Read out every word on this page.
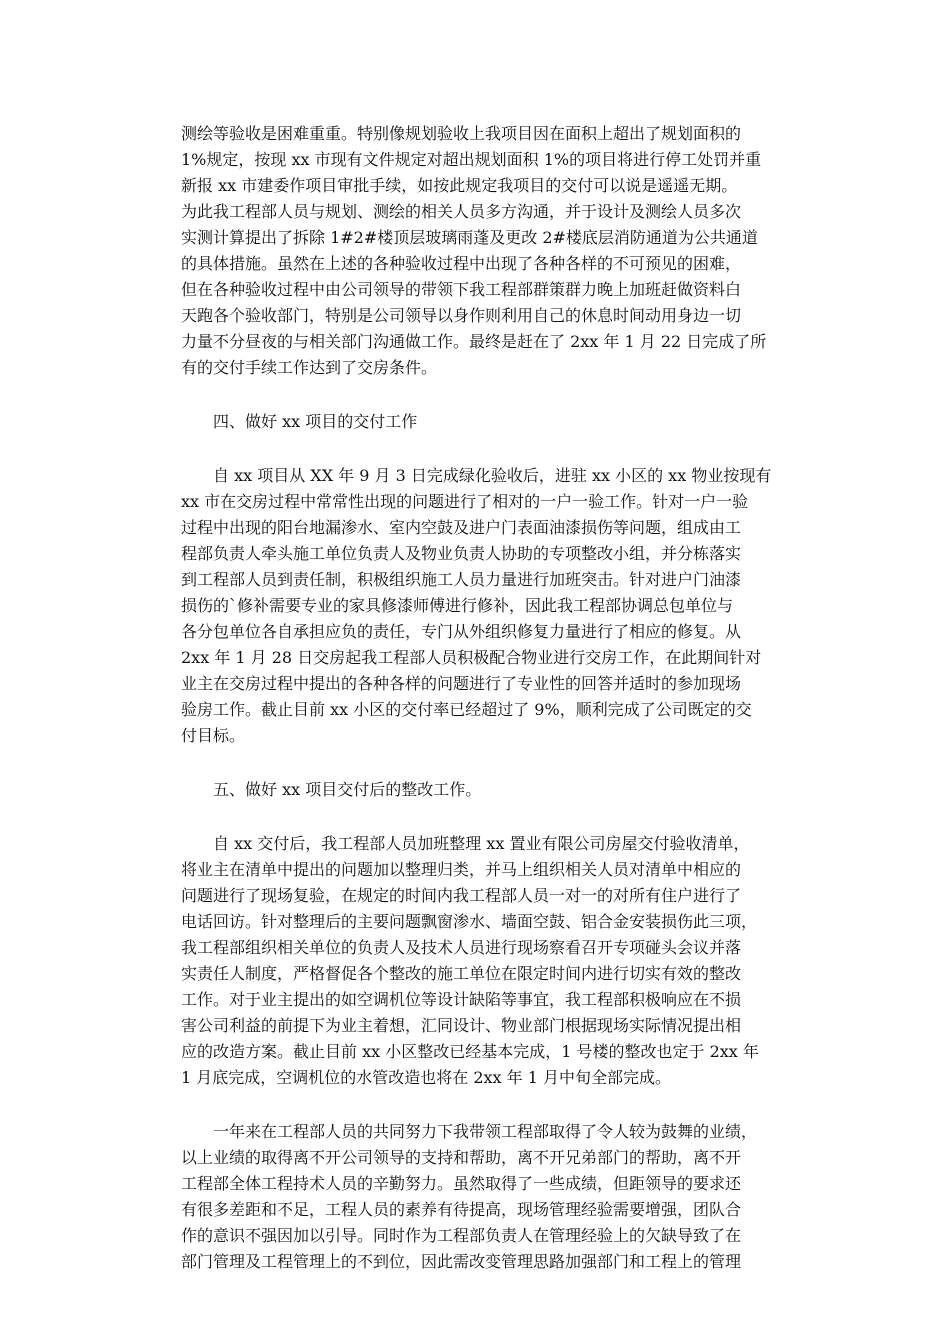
测绘等验收是困难重重。特别像规划验收上我项目因在面积上超出了规划面积的
1%规定，按现 xx 市现有文件规定对超出规划面积 1%的项目将进行停工处罚并重
新报 xx 市建委作项目审批手续，如按此规定我项目的交付可以说是遥遥无期。
为此我工程部人员与规划、测绘的相关人员多方沟通，并于设计及测绘人员多次
实测计算提出了拆除 1#2#楼顶层玻璃雨蓬及更改 2#楼底层消防通道为公共通道
的具体措施。虽然在上述的各种验收过程中出现了各种各样的不可预见的困难，
但在各种验收过程中由公司领导的带领下我工程部群策群力晚上加班赶做资料白
天跑各个验收部门，特别是公司领导以身作则利用自己的休息时间动用身边一切
力量不分昼夜的与相关部门沟通做工作。最终是赶在了 2xx 年 1 月 22 日完成了所
有的交付手续工作达到了交房条件。
四、做好 xx 项目的交付工作
自 xx 项目从 XX 年 9 月 3 日完成绿化验收后，进驻 xx 小区的 xx 物业按现有
xx 市在交房过程中常常性出现的问题进行了相对的一户一验工作。针对一户一验
过程中出现的阳台地漏渗水、室内空鼓及进户门表面油漆损伤等问题，组成由工
程部负责人牵头施工单位负责人及物业负责人协助的专项整改小组，并分栋落实
到工程部人员到责任制，积极组织施工人员力量进行加班突击。针对进户门油漆
损伤的`修补需要专业的家具修漆师傅进行修补，因此我工程部协调总包单位与
各分包单位各自承担应负的责任，专门从外组织修复力量进行了相应的修复。从
2xx 年 1 月 28 日交房起我工程部人员积极配合物业进行交房工作，在此期间针对
业主在交房过程中提出的各种各样的问题进行了专业性的回答并适时的参加现场
验房工作。截止目前 xx 小区的交付率已经超过了 9%，顺利完成了公司既定的交
付目标。
五、做好 xx 项目交付后的整改工作。
自 xx 交付后，我工程部人员加班整理 xx 置业有限公司房屋交付验收清单，
将业主在清单中提出的问题加以整理归类，并马上组织相关人员对清单中相应的
问题进行了现场复验，在规定的时间内我工程部人员一对一的对所有住户进行了
电话回访。针对整理后的主要问题飘窗渗水、墙面空鼓、铝合金安装损伤此三项，
我工程部组织相关单位的负责人及技术人员进行现场察看召开专项碰头会议并落
实责任人制度，严格督促各个整改的施工单位在限定时间内进行切实有效的整改
工作。对于业主提出的如空调机位等设计缺陷等事宜，我工程部积极响应在不损
害公司利益的前提下为业主着想，汇同设计、物业部门根据现场实际情况提出相
应的改造方案。截止目前 xx 小区整改已经基本完成，1 号楼的整改也定于 2xx 年
1 月底完成，空调机位的水管改造也将在 2xx 年 1 月中旬全部完成。
一年来在工程部人员的共同努力下我带领工程部取得了令人较为鼓舞的业绩，
以上业绩的取得离不开公司领导的支持和帮助，离不开兄弟部门的帮助，离不开
工程部全体工程持术人员的辛勤努力。虽然取得了一些成绩，但距领导的要求还
有很多差距和不足，工程人员的素养有待提高，现场管理经验需要增强，团队合
作的意识不强因加以引导。同时作为工程部负责人在管理经验上的欠缺导致了在
部门管理及工程管理上的不到位，因此需改变管理思路加强部门和工程上的管理
